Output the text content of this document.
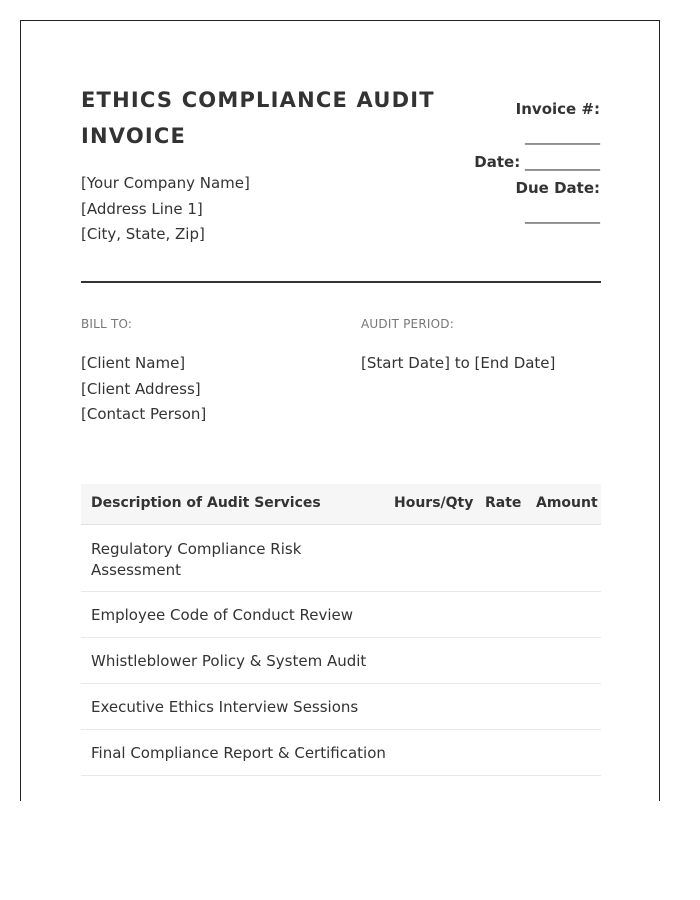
ETHICS COMPLIANCE AUDIT INVOICE
[Your Company Name]
[Address Line 1]
[City, State, Zip]
Invoice #:
__________
Date: __________
Due Date:
__________
BILL TO:	AUDIT PERIOD:
[Client Name]
[Client Address]
[Contact Person]
[Start Date] to [End Date]
Description of Audit Services	Hours/Qty Rate Amount
Regulatory Compliance Risk Assessment
Employee Code of Conduct Review
Whistleblower Policy & System Audit
Executive Ethics Interview Sessions
Final Compliance Report & Certification
